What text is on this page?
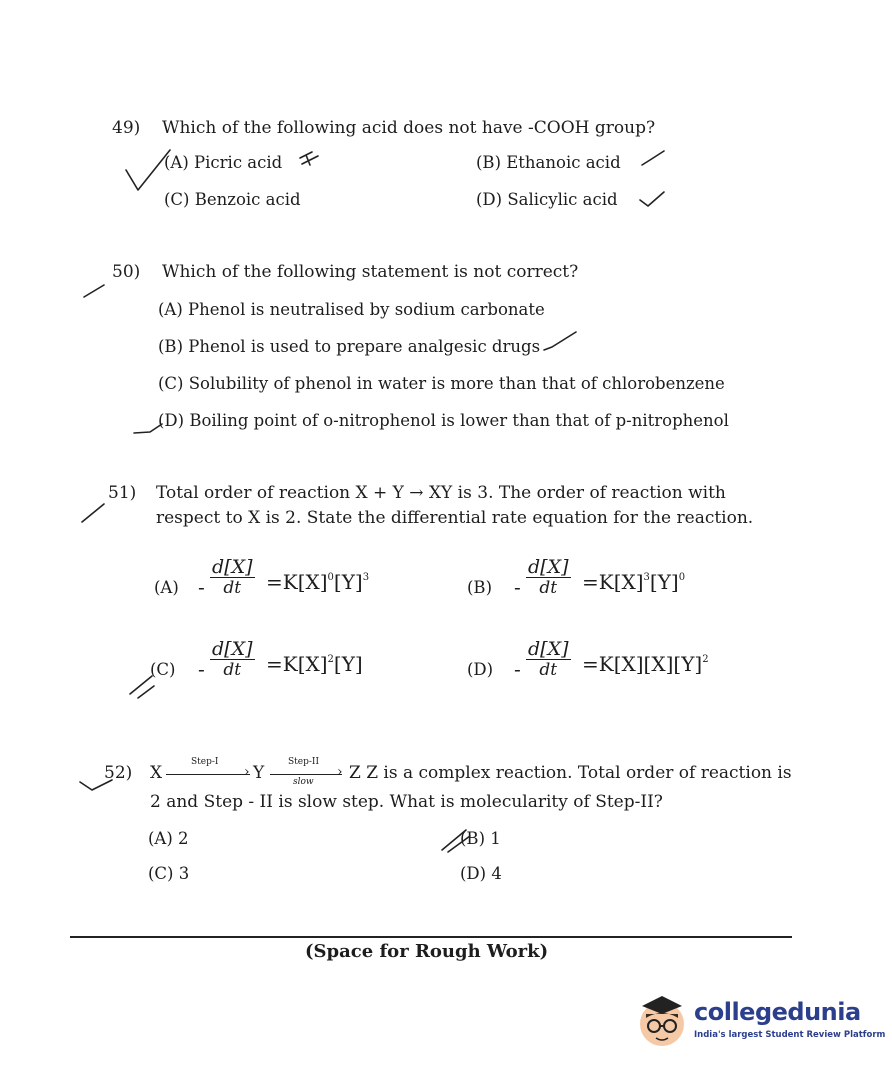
49) Which of the following acid does not have -COOH group?
(A) Picric acid	(B) Ethanoic acid
(C) Benzoic acid	(D) Salicylic acid
50) Which of the following statement is not correct?
(A) Phenol is neutralised by sodium carbonate
(B) Phenol is used to prepare analgesic drugs
(C) Solubility of phenol in water is more than that of chlorobenzene
(D) Boiling point of o-nitrophenol is lower than that of p-nitrophenol
51) Total order of reaction X + Y → XY is 3. The order of reaction with
respect to X is 2. State the differential rate equation for the reaction.
$(A) - \frac{d[X]}{dt} =K[X]^0[Y]^3$
$(B) - \frac{d[X]}{dt} =K[X]^3[Y]^0$
$(C) - \frac{d[X]}{dt} =K[X]^2[Y]$	$(D) - \frac{d[X]}{dt} =K[X][X][Y]^2$
52) X
Step-I
› Y
Step-II
›
slow Z Z is a complex reaction. Total order of reaction is
2 and Step - II is slow step. What is molecularity of Step-II?
(A) 2	(B) 1
(C) 3	(D) 4
(Space for Rough Work)
collegedunia
India's largest Student Review Platform
